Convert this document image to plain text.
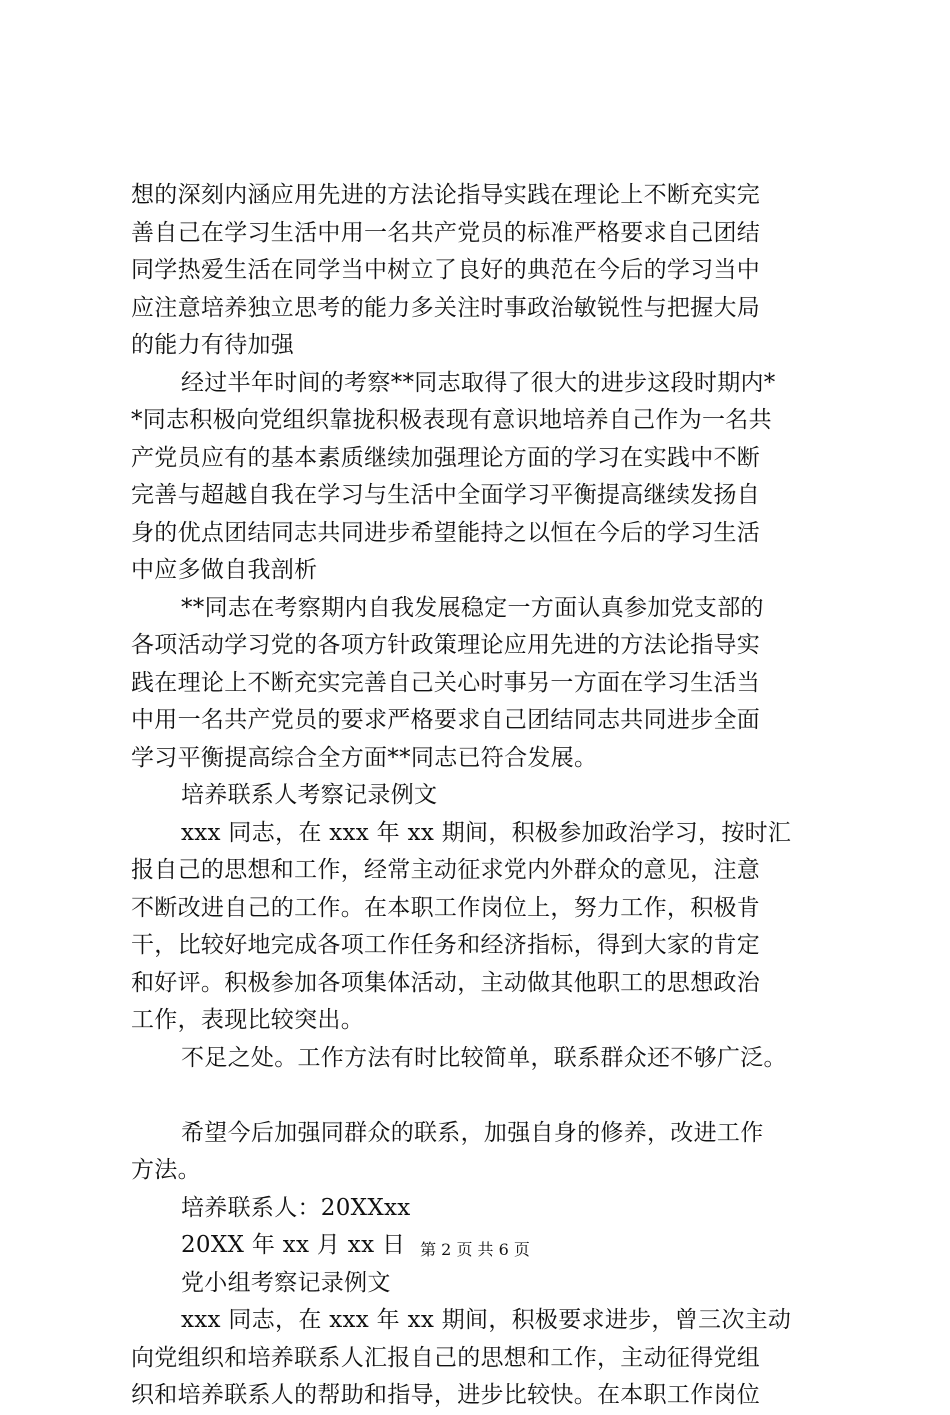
想的深刻内涵应用先进的方法论指导实践在理论上不断充实完
善自己在学习生活中用一名共产党员的标准严格要求自己团结
同学热爱生活在同学当中树立了良好的典范在今后的学习当中
应注意培养独立思考的能力多关注时事政治敏锐性与把握大局
的能力有待加强
经过半年时间的考察**同志取得了很大的进步这段时期内*
*同志积极向党组织靠拢积极表现有意识地培养自己作为一名共
产党员应有的基本素质继续加强理论方面的学习在实践中不断
完善与超越自我在学习与生活中全面学习平衡提高继续发扬自
身的优点团结同志共同进步希望能持之以恒在今后的学习生活
中应多做自我剖析
**同志在考察期内自我发展稳定一方面认真参加党支部的
各项活动学习党的各项方针政策理论应用先进的方法论指导实
践在理论上不断充实完善自己关心时事另一方面在学习生活当
中用一名共产党员的要求严格要求自己团结同志共同进步全面
学习平衡提高综合全方面**同志已符合发展。
培养联系人考察记录例文
xxx 同志，在 xxx 年 xx 期间，积极参加政治学习，按时汇
报自己的思想和工作，经常主动征求党内外群众的意见，注意
不断改进自己的工作。在本职工作岗位上，努力工作，积极肯
干，比较好地完成各项工作任务和经济指标，得到大家的肯定
和好评。积极参加各项集体活动，主动做其他职工的思想政治
工作，表现比较突出。
不足之处。工作方法有时比较简单，联系群众还不够广泛。
希望今后加强同群众的联系，加强自身的修养，改进工作
方法。
培养联系人：20XXxx
20XX 年 xx 月 xx 日
党小组考察记录例文
xxx 同志，在 xxx 年 xx 期间，积极要求进步，曾三次主动
向党组织和培养联系人汇报自己的思想和工作，主动征得党组
织和培养联系人的帮助和指导，进步比较快。在本职工作岗位
第 2 页 共 6 页
